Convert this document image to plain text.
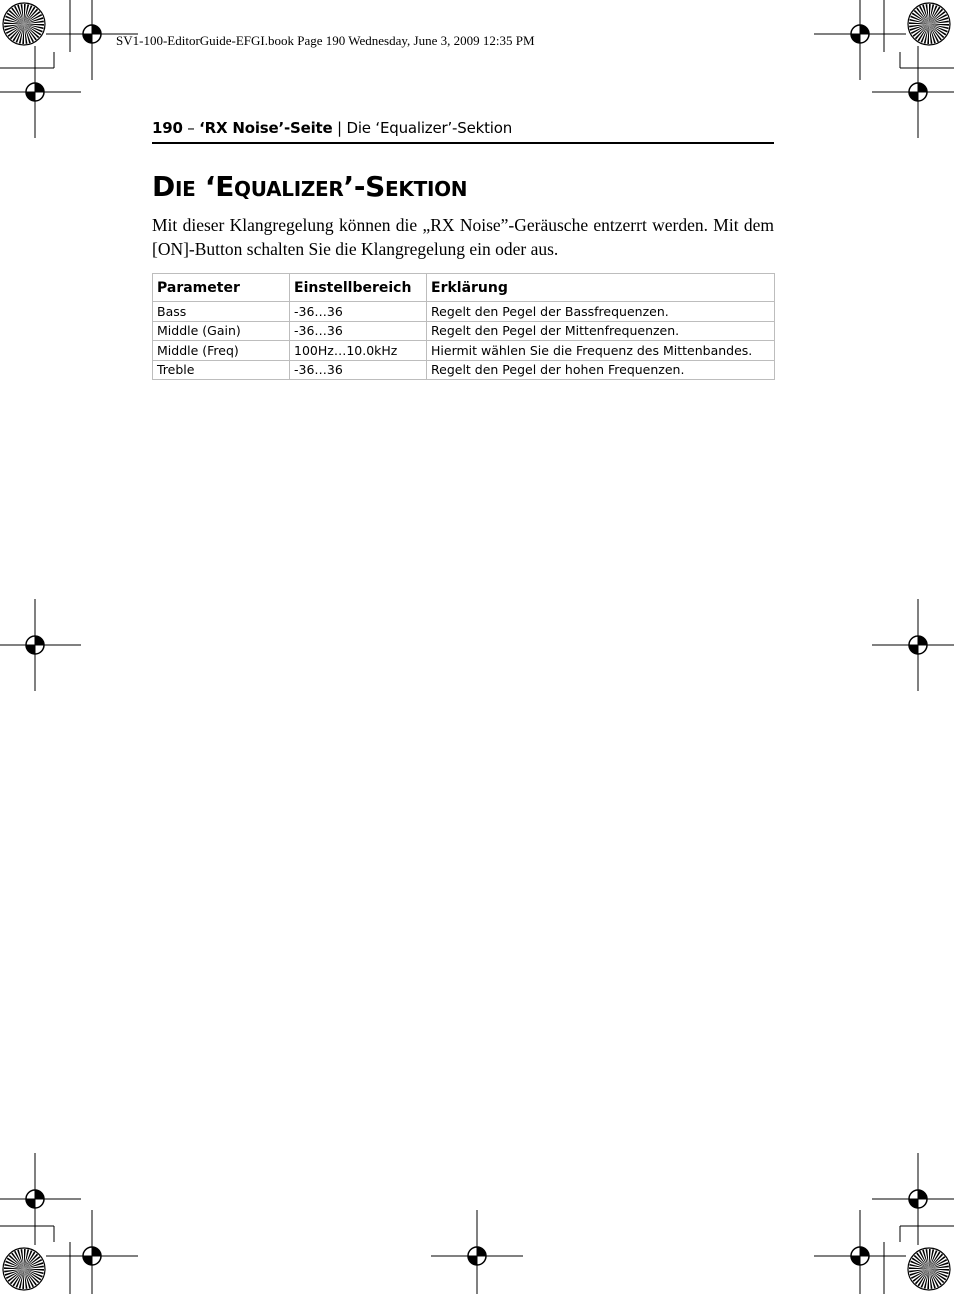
SV1-100-EditorGuide-EFGI.book Page 190 Wednesday, June 3, 2009 12:35 PM
190 – ‘RX Noise’-Seite | Die ‘Equalizer’-Sektion
Die ‘Equalizer’-Sektion

Mit dieser Klangregelung können die „RX Noise”-Geräusche entzerrt werden. Mit dem [ON]-Button schalten Sie die Klangregelung ein oder aus.

Parameter	Einstellbereich	Erklärung
Bass	-36…36	Regelt den Pegel der Bassfrequenzen.
Middle (Gain)	-36…36	Regelt den Pegel der Mittenfrequenzen.
Middle (Freq)	100Hz…10.0kHz	Hiermit wählen Sie die Frequenz des Mittenbandes.
Treble	-36…36	Regelt den Pegel der hohen Frequenzen.
